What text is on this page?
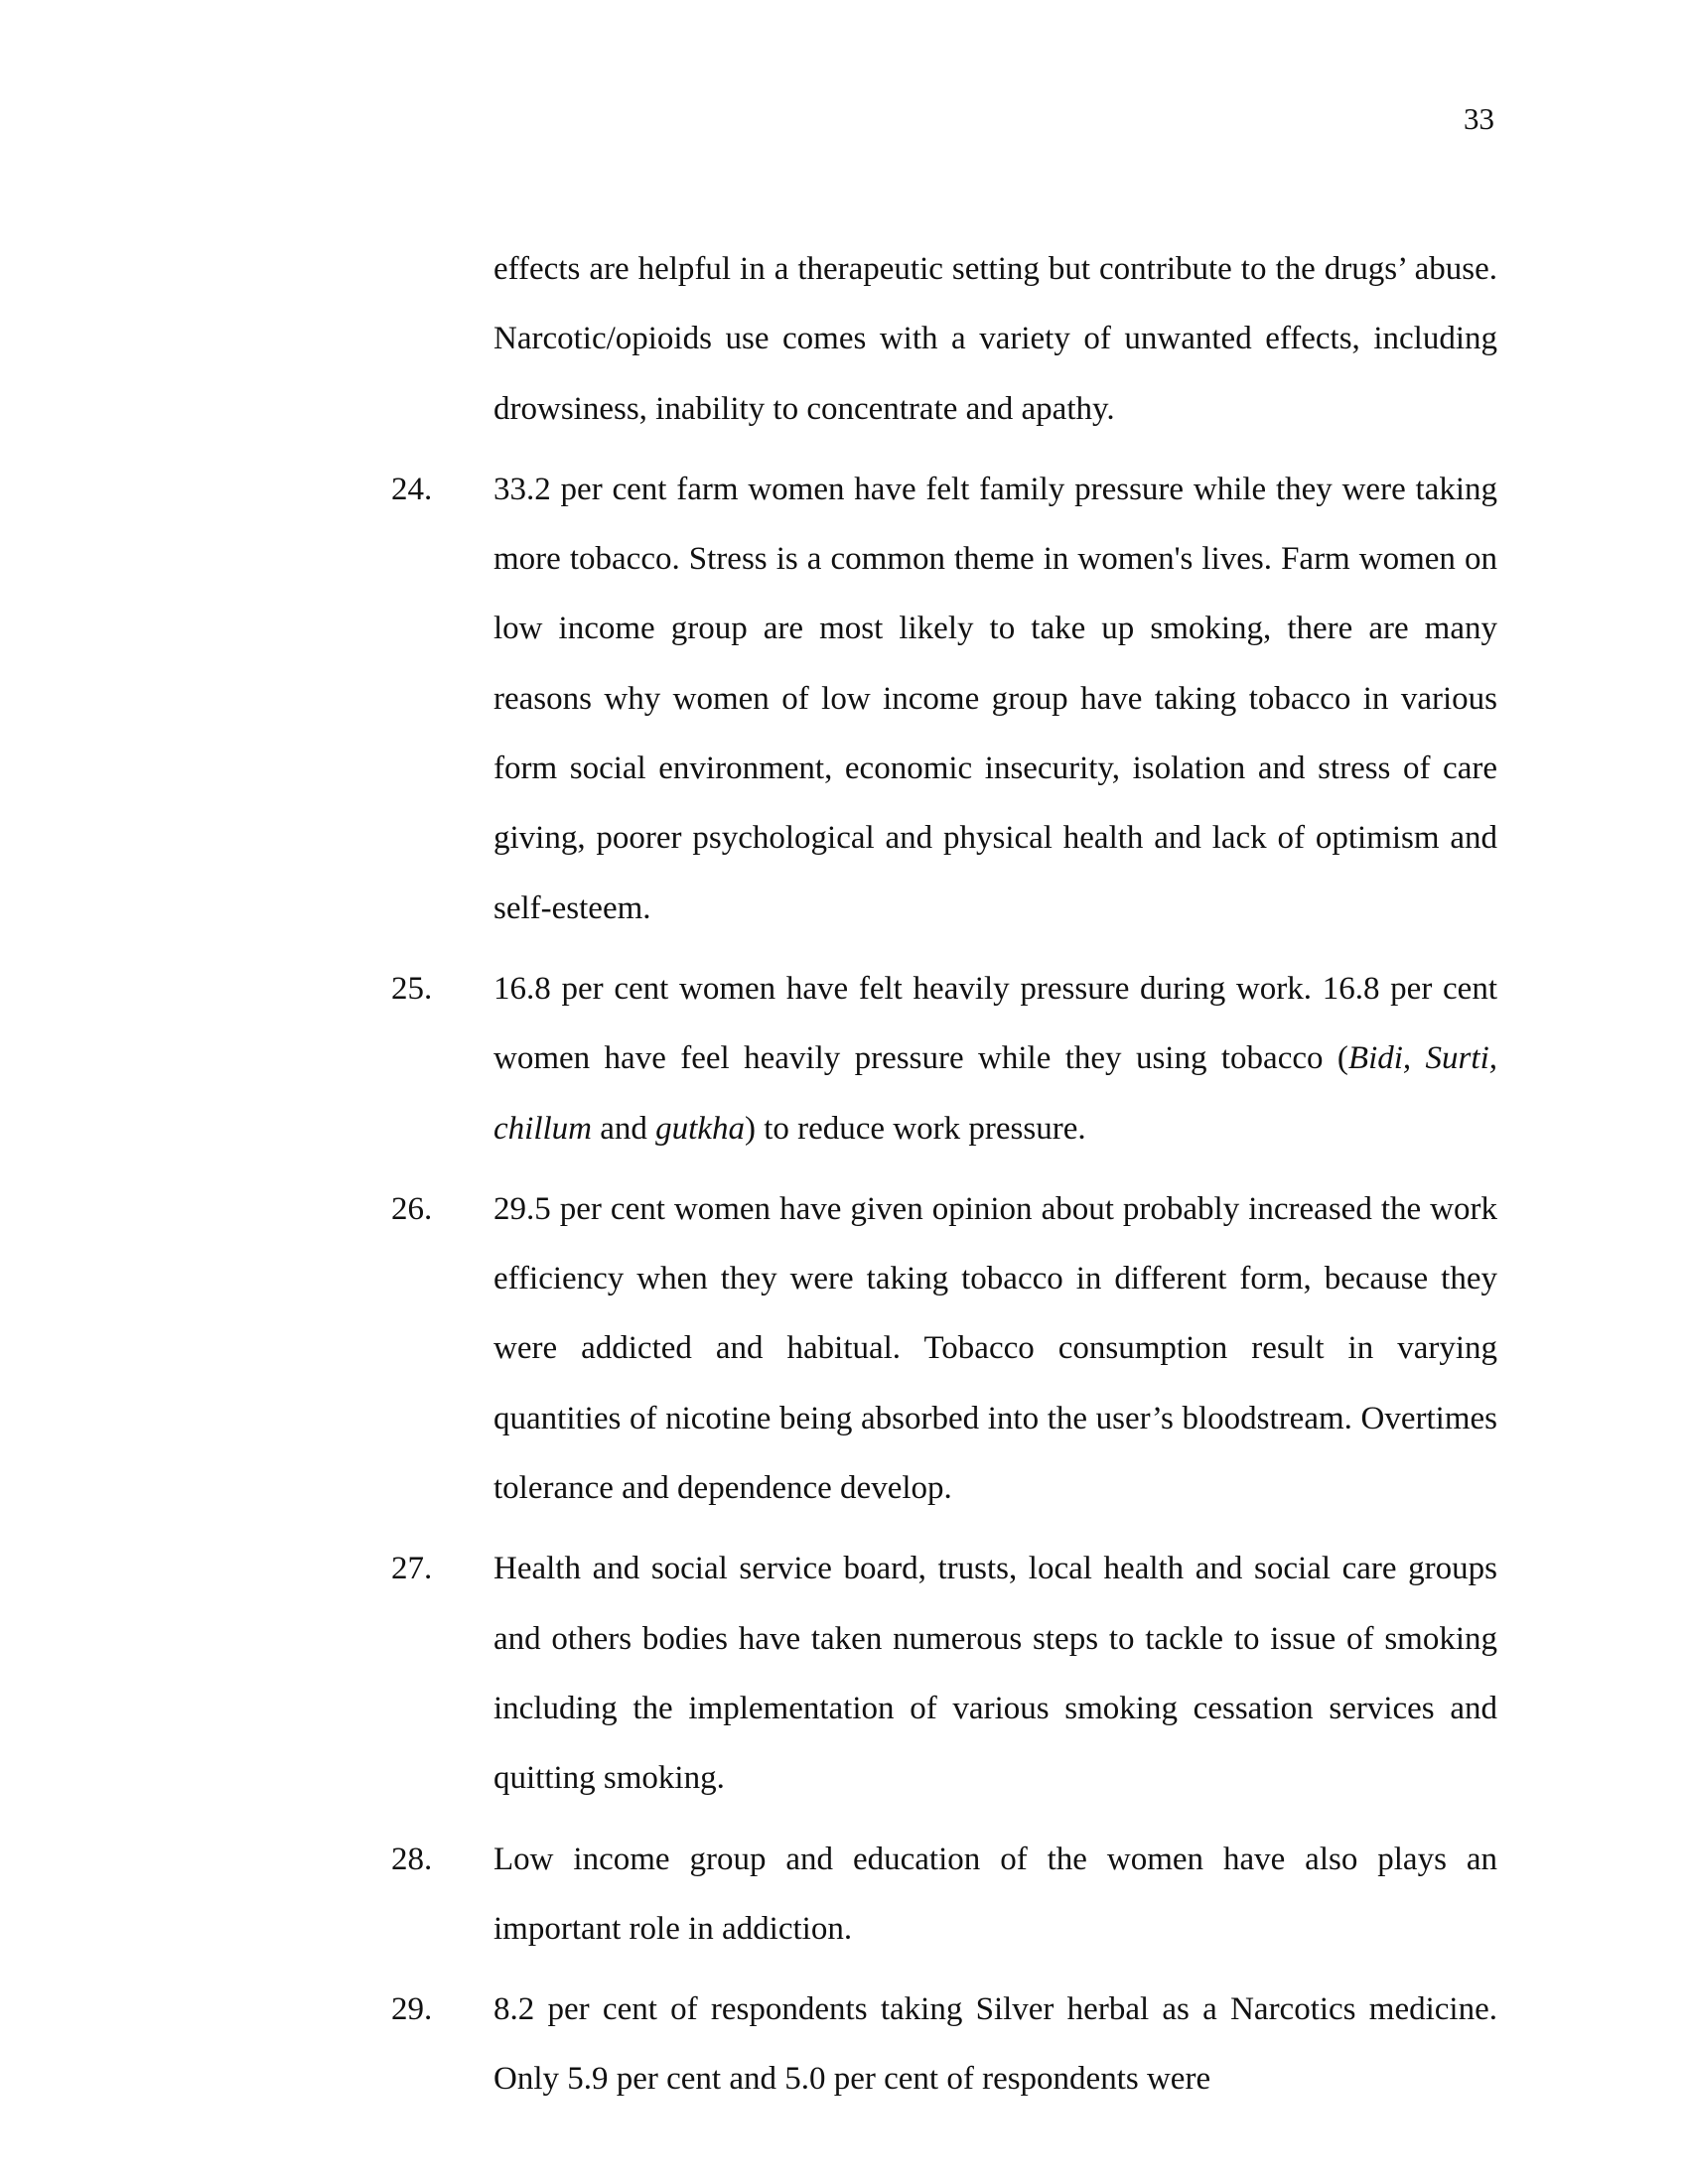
33
effects are helpful in a therapeutic setting but contribute to the drugs’ abuse. Narcotic/opioids use comes with a variety of unwanted effects, including drowsiness, inability to concentrate and apathy.
24.	33.2 per cent farm women have felt family pressure while they were taking more tobacco. Stress is a common theme in women's lives. Farm women on low income group are most likely to take up smoking, there are many reasons why women of low income group have taking tobacco in various form social environment, economic insecurity, isolation and stress of care giving, poorer psychological and physical health and lack of optimism and self-esteem.
25.	16.8 per cent women have felt heavily pressure during work. 16.8 per cent women have feel heavily pressure while they using tobacco (Bidi, Surti, chillum and gutkha) to reduce work pressure.
26.	29.5 per cent women have given opinion about probably increased the work efficiency when they were taking tobacco in different form, because they were addicted and habitual. Tobacco consumption result in varying quantities of nicotine being absorbed into the user’s bloodstream. Overtimes tolerance and dependence develop.
27.	Health and social service board, trusts, local health and social care groups and others bodies have taken numerous steps to tackle to issue of smoking including the implementation of various smoking cessation services and quitting smoking.
28.	Low income group and education of the women have also plays an important role in addiction.
29.	8.2 per cent of respondents taking Silver herbal as a Narcotics medicine. Only 5.9 per cent and 5.0 per cent of respondents were
